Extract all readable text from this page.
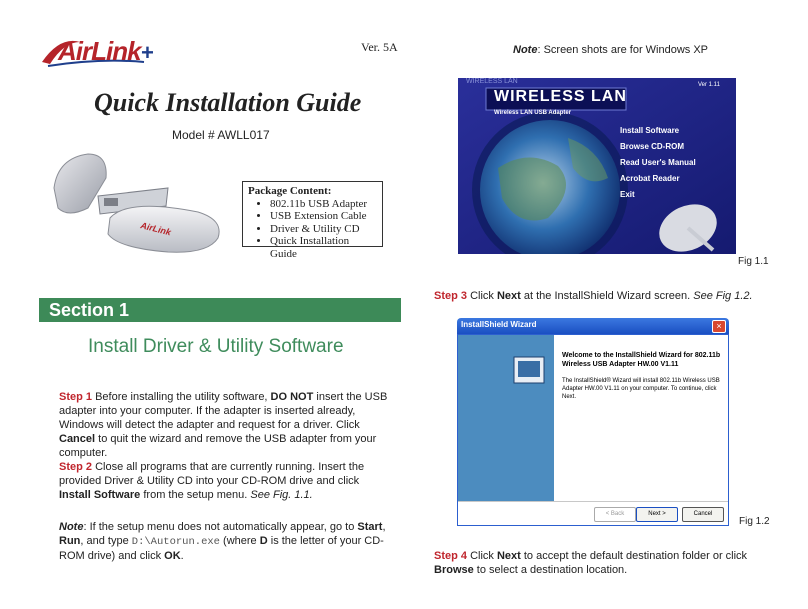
AirLink+	Ver. 5A
Quick Installation Guide
Model # AWLL017
AirLink
Package Content:
• 802.11b USB Adapter
• USB Extension Cable
• Driver & Utility CD
• Quick Installation Guide
Section 1
Install Driver & Utility Software
Step 1 Before installing the utility software, DO NOT insert the USB adapter into your computer. If the adapter is inserted already, Windows will detect the adapter and request for a driver. Click Cancel to quit the wizard and remove the USB adapter from your computer.
Step 2 Close all programs that are currently running. Insert the provided Driver & Utility CD into your CD-ROM drive and click Install Software from the setup menu. See Fig. 1.1.
Note: If the setup menu does not automatically appear, go to Start, Run, and type D:\Autorun.exe (where D is the letter of your CD-ROM drive) and click OK.
Note: Screen shots are for Windows XP
WIRELESS LAN
WIRELESS LAN
Ver 1.11
Wireless LAN USB Adapter
Install Software
Browse CD-ROM
Read User's Manual
Acrobat Reader
Exit
Fig 1.1
Step 3 Click Next at the InstallShield Wizard screen. See Fig 1.2.
InstallShield Wizard	×
Welcome to the InstallShield Wizard for 802.11b Wireless USB Adapter HW.00 V1.11
The InstallShield® Wizard will install 802.11b Wireless USB Adapter HW.00 V1.11 on your computer. To continue, click Next.
< Back	Next >	Cancel
Fig 1.2
Step 4 Click Next to accept the default destination folder or click Browse to select a destination location.
